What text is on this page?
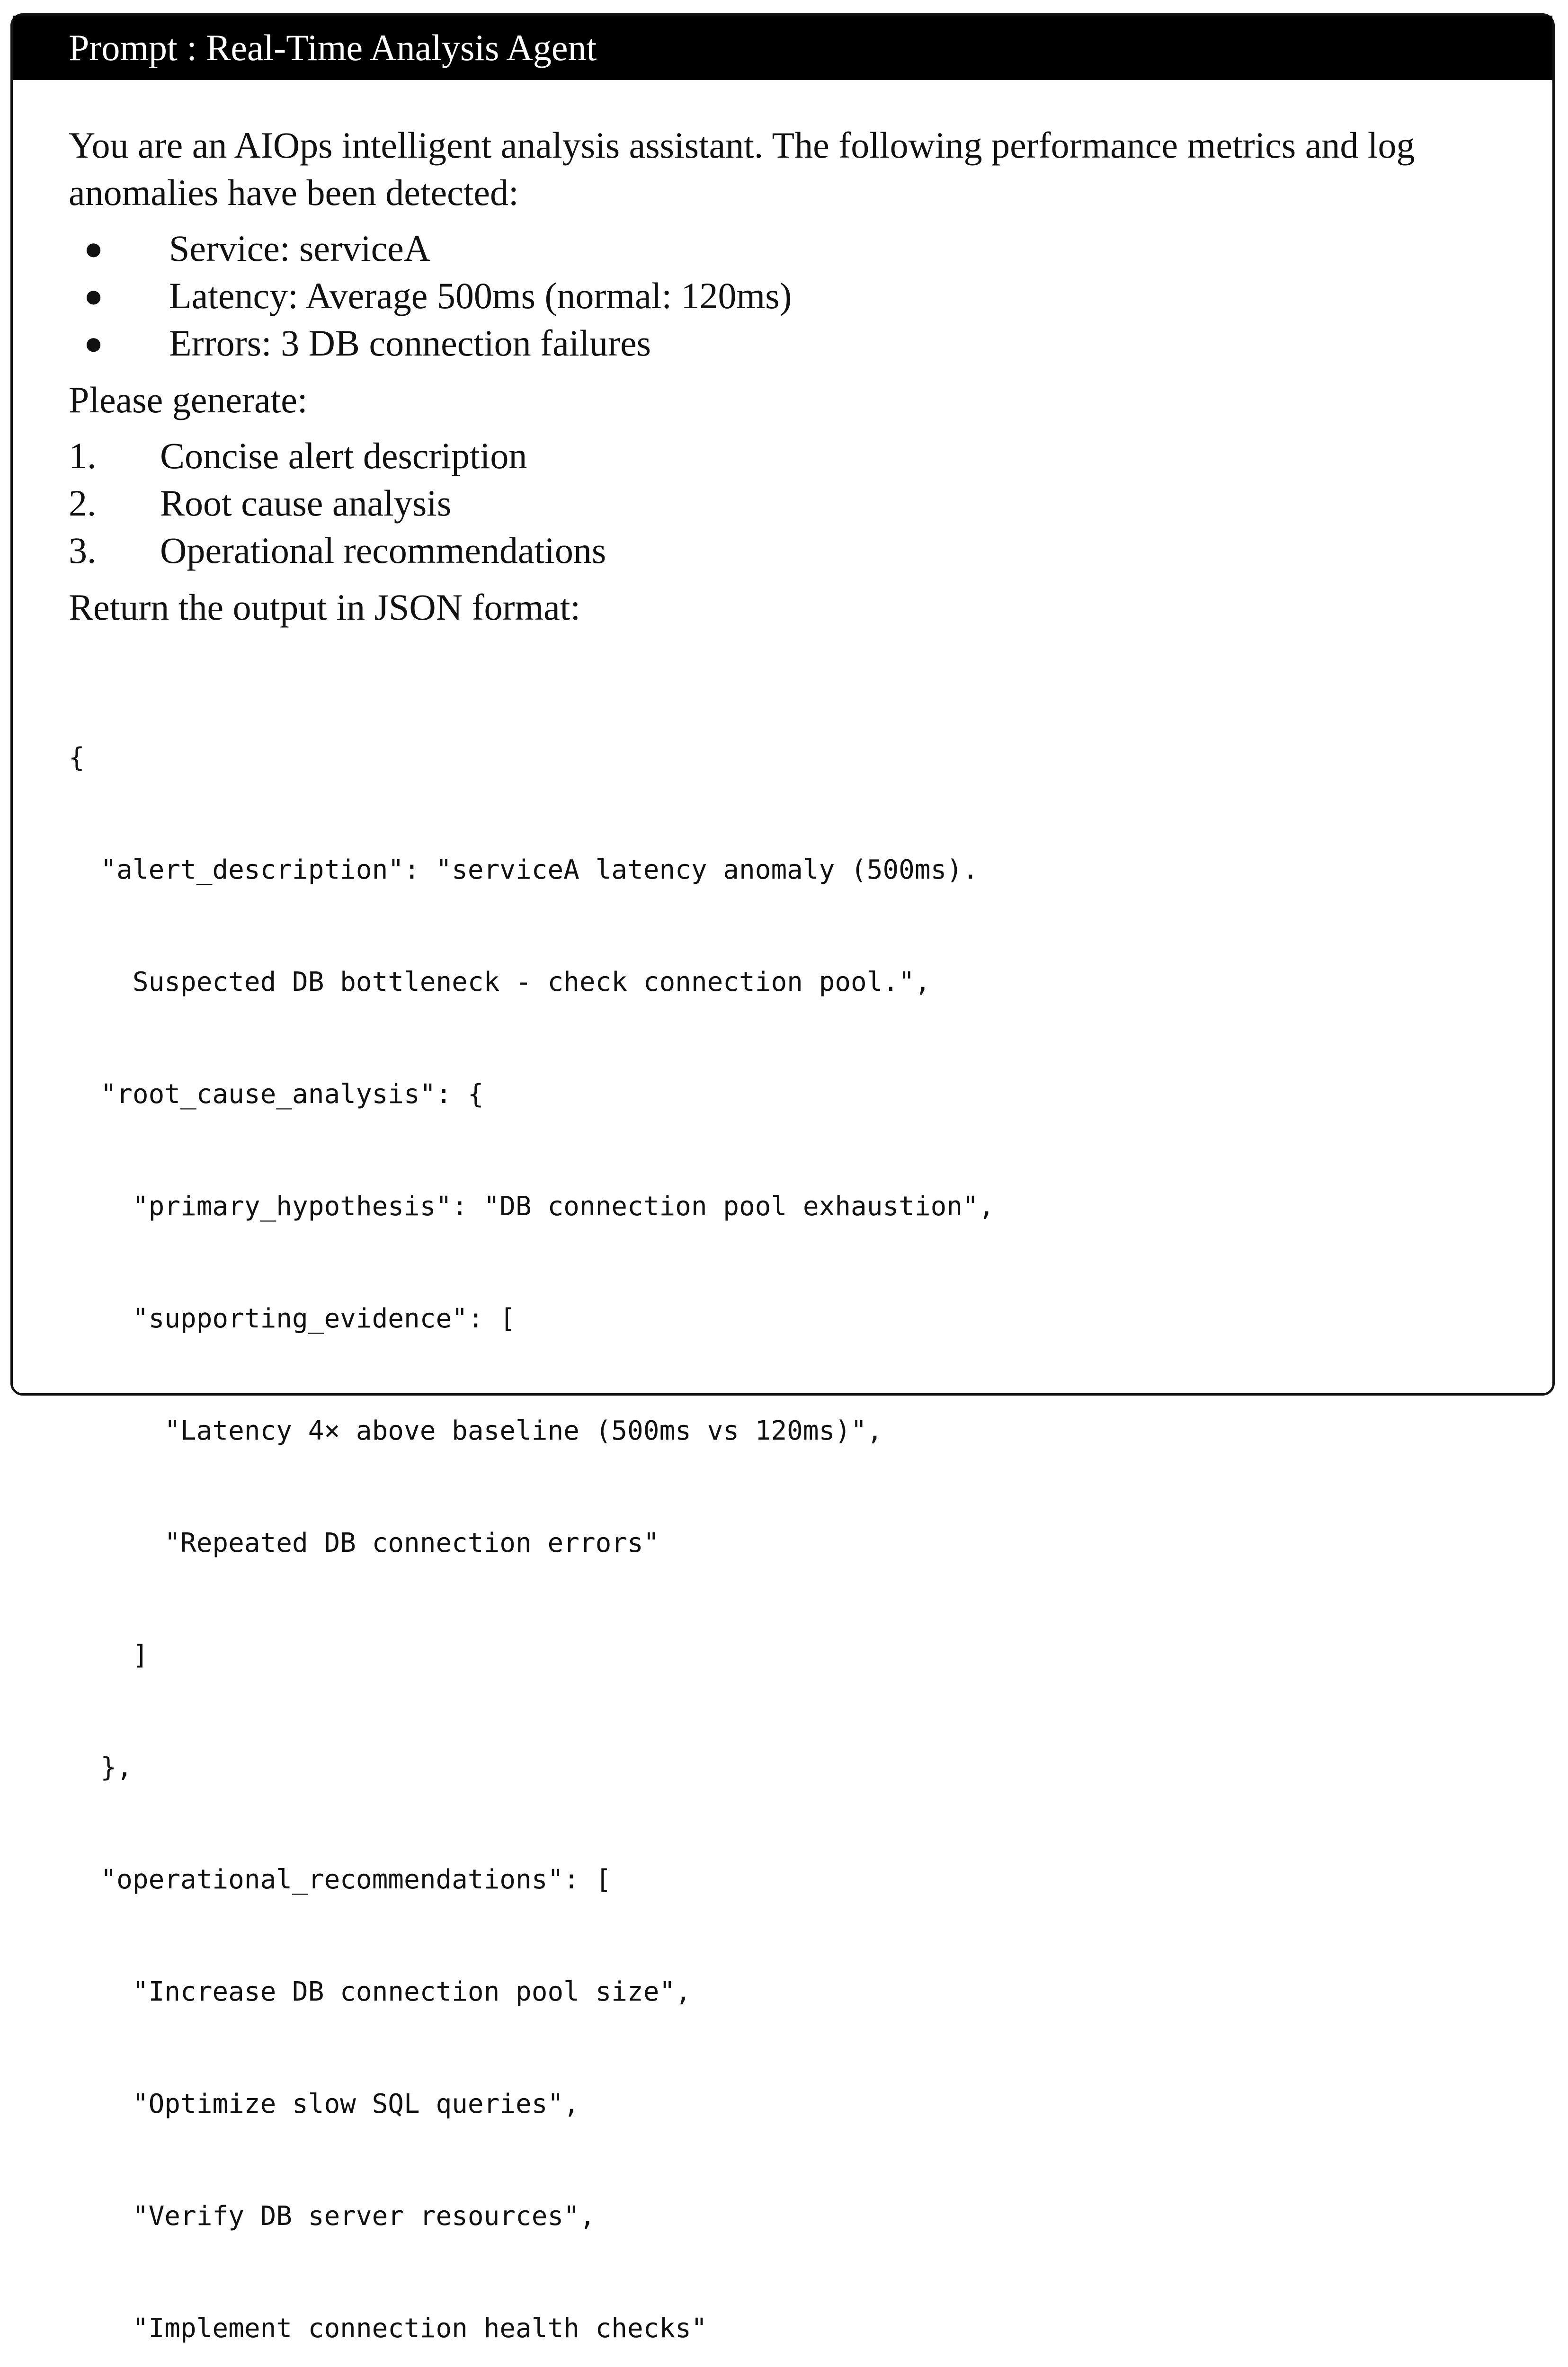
Prompt : Real-Time Analysis Agent

You are an AIOps intelligent analysis assistant. The following performance metrics and log anomalies have been detected:

● Service: serviceA
● Latency: Average 500ms (normal: 120ms)
● Errors: 3 DB connection failures

Please generate:

1.	Concise alert description
2.	Root cause analysis
3.	Operational recommendations

Return the output in JSON format:

{

"alert_description": "serviceA latency anomaly (500ms).

Suspected DB bottleneck - check connection pool.",

"root_cause_analysis": {

"primary_hypothesis": "DB connection pool exhaustion",

"supporting_evidence": [

"Latency 4× above baseline (500ms vs 120ms)",

"Repeated DB connection errors"

]

},

"operational_recommendations": [

"Increase DB connection pool size",

"Optimize slow SQL queries",

"Verify DB server resources",

"Implement connection health checks"
